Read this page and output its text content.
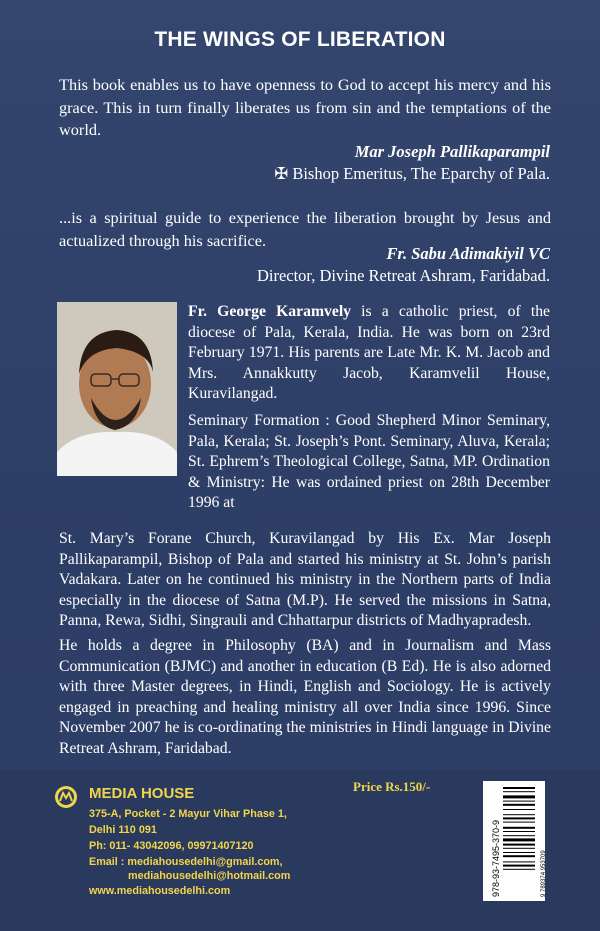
THE WINGS OF LIBERATION
This book enables us to have openness to God to accept his mercy and his grace. This in turn finally liberates us from sin and the temptations of the world.
Mar Joseph Pallikaparampil
✠ Bishop Emeritus, The Eparchy of Pala.
...is a spiritual guide to experience the liberation brought by Jesus and actualized through his sacrifice.
Fr. Sabu Adimakiyil VC
Director, Divine Retreat Ashram, Faridabad.

Fr. George Karamvely is a catholic priest, of the diocese of Pala, Kerala, India. He was born on 23rd February 1971. His parents are Late Mr. K. M. Jacob and Mrs. Annakkutty Jacob, Karamvelil House, Kuravilangad.

Seminary Formation : Good Shepherd Minor Seminary, Pala, Kerala; St. Joseph’s Pont. Seminary, Aluva, Kerala; St. Ephrem’s Theological College, Satna, MP. Ordination & Ministry: He was ordained priest on 28th December 1996 at

St. Mary’s Forane Church, Kuravilangad by His Ex. Mar Joseph Pallikaparampil, Bishop of Pala and started his ministry at St. John’s parish Vadakara. Later on he continued his ministry in the Northern parts of India especially in the diocese of Satna (M.P). He served the missions in Satna, Panna, Rewa, Sidhi, Singrauli and Chhattarpur districts of Madhyapradesh.
He holds a degree in Philosophy (BA) and in Journalism and Mass Communication (BJMC) and another in education (B Ed). He is also adorned with three Master degrees, in Hindi, English and Sociology. He is actively engaged in preaching and healing ministry all over India since 1996. Since November 2007 he is co-ordinating the ministries in Hindi language in Divine Retreat Ashram, Faridabad.
MEDIA HOUSE
375-A, Pocket - 2 Mayur Vihar Phase 1,
Delhi 110 091
Ph: 011- 43042096, 09971407120
Email : mediahousedelhi@gmail.com,
mediahousedelhi@hotmail.com
www.mediahousedelhi.com
Price Rs.150/-
978-93-7495-370-9	9 789374 953709
